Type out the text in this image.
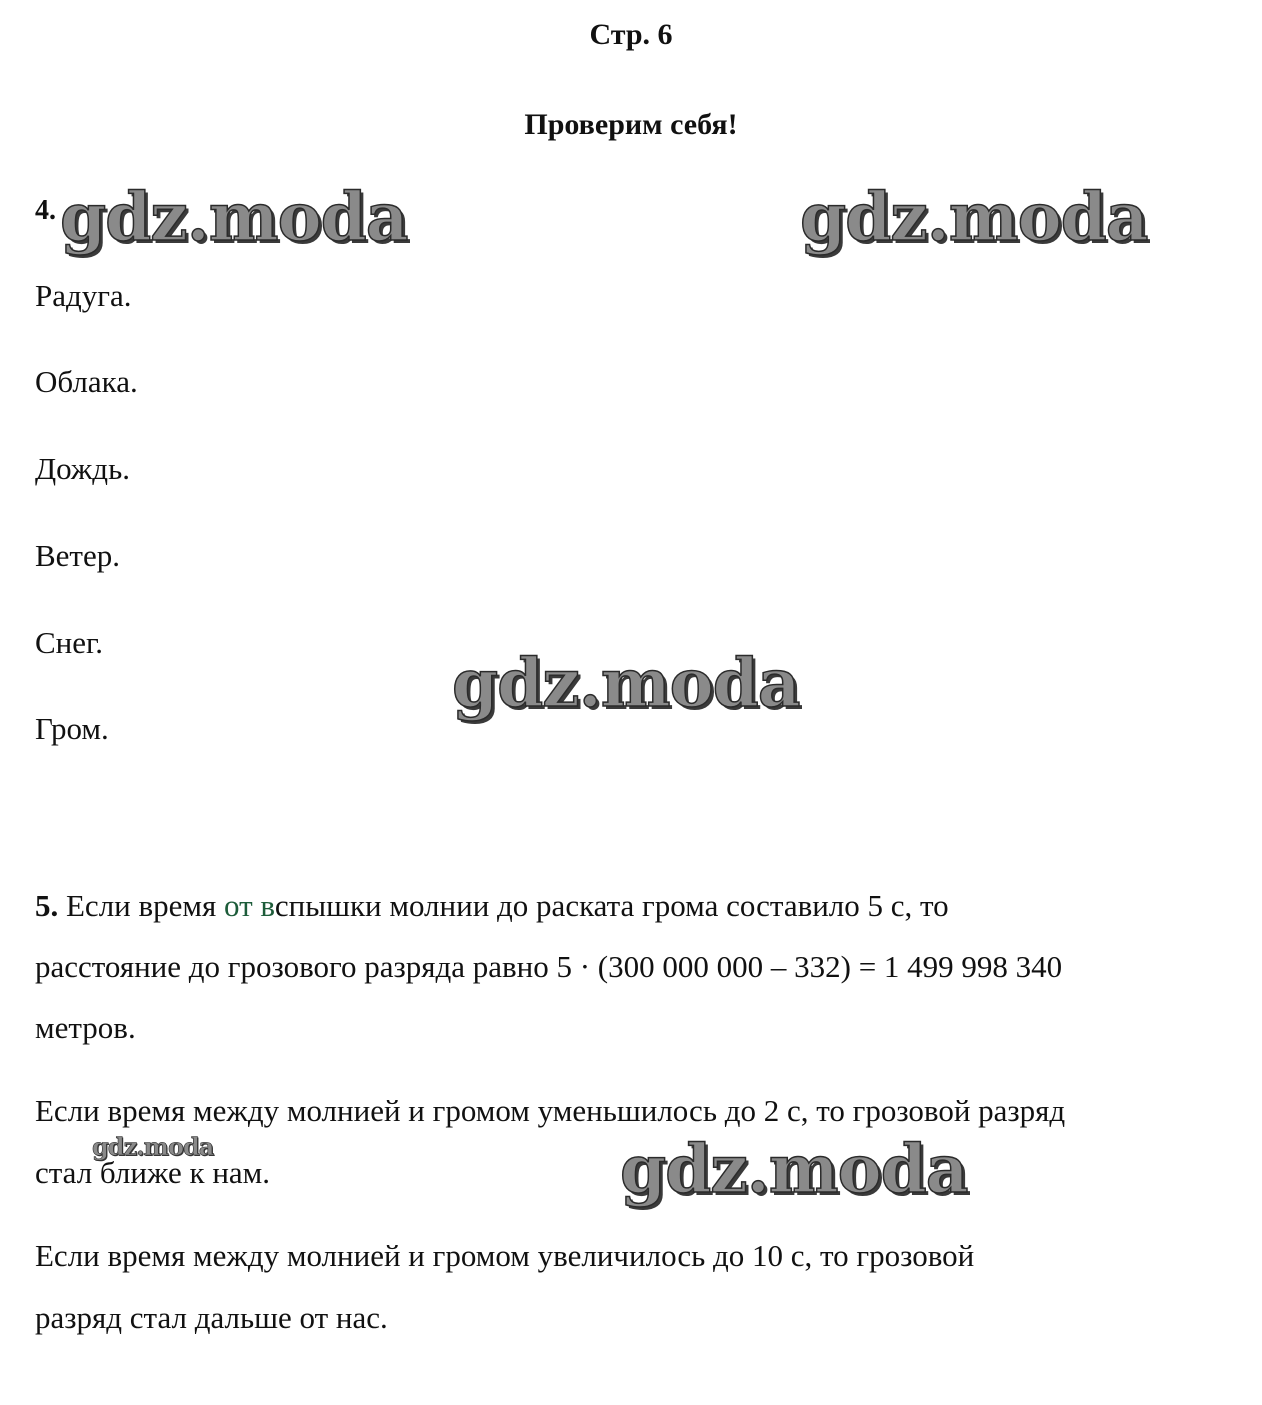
Стр. 6
Проверим себя!
4.

Радуга.

Облака.

Дождь.

Ветер.

Снег.

Гром.

5. Если время от вспышки молнии до раската грома составило 5 с, то

расстояние до грозового разряда равно 5 · (300 000 000 – 332) = 1 499 998 340

метров.

Если время между молнией и громом уменьшилось до 2 с, то грозовой разряд

стал ближе к нам.

Если время между молнией и громом увеличилось до 10 с, то грозовой

разряд стал дальше от нас.

gdz.moda	gdz.moda
gdz.moda
gdz.moda
gdz.moda
